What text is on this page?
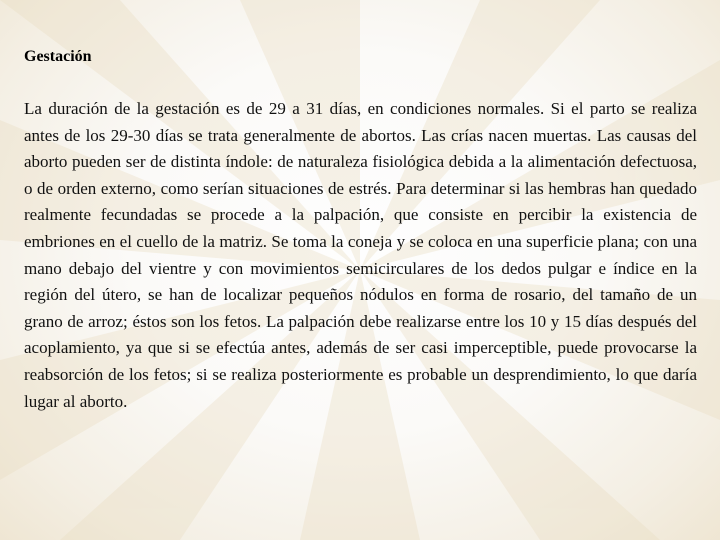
Gestación

La duración de la gestación es de 29 a 31 días, en condiciones normales. Si el parto se realiza antes de los 29-30 días se trata generalmente de abortos. Las crías nacen muertas. Las causas del aborto pueden ser de distinta índole: de naturaleza fisiológica debida a la alimentación defectuosa, o de orden externo, como serían situaciones de estrés. Para determinar si las hembras han quedado realmente fecundadas se procede a la palpación, que consiste en percibir la existencia de embriones en el cuello de la matriz. Se toma la coneja y se coloca en una superficie plana; con una mano debajo del vientre y con movimientos semicirculares de los dedos pulgar e índice en la región del útero, se han de localizar pequeños nódulos en forma de rosario, del tamaño de un grano de arroz; éstos son los fetos. La palpación debe realizarse entre los 10 y 15 días después del acoplamiento, ya que si se efectúa antes, además de ser casi imperceptible, puede provocarse la reabsorción de los fetos; si se realiza posteriormente es probable un desprendimiento, lo que daría lugar al aborto.
